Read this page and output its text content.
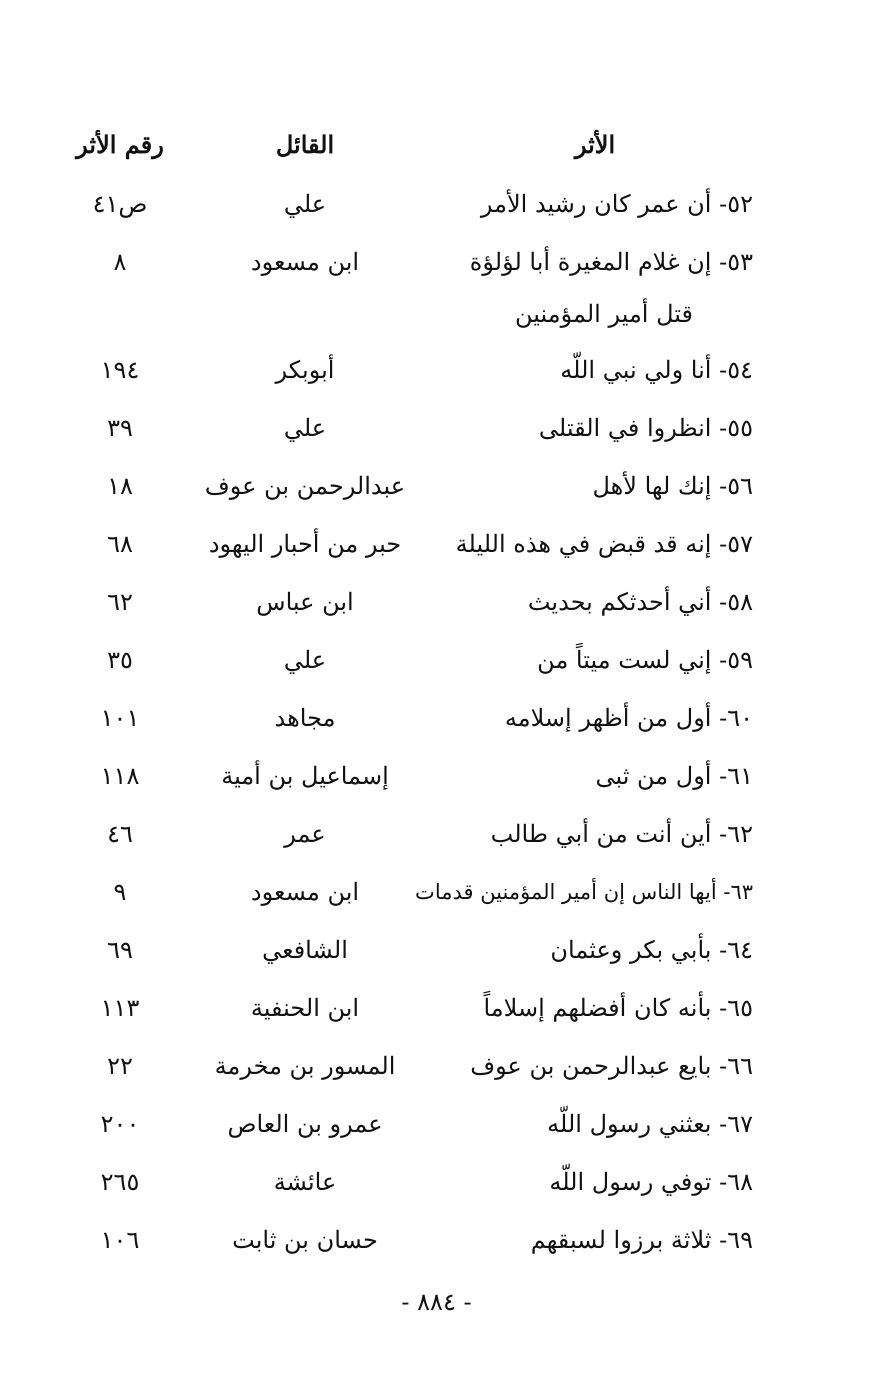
الأثر
القائل
رقم الأثر
٥٢- أن عمر كان رشيد الأمر
علي
ص٤١
٥٣- إن غلام المغيرة أبا لؤلؤة
قتل أمير المؤمنين
ابن مسعود
٨
٥٤- أنا ولي نبي اللّه
أبوبكر
١٩٤
٥٥- انظروا في القتلى
علي
٣٩
٥٦- إنك لها لأهل
عبدالرحمن بن عوف
١٨
٥٧- إنه قد قبض في هذه الليلة
حبر من أحبار اليهود
٦٨
٥٨- أني أحدثكم بحديث
ابن عباس
٦٢
٥٩- إني لست ميتاً من
علي
٣٥
٦٠- أول من أظهر إسلامه
مجاهد
١٠١
٦١- أول من ثبى
إسماعيل بن أمية
١١٨
٦٢- أين أنت من أبي طالب
عمر
٤٦
٦٣- أيها الناس إن أمير المؤمنين قدمات
ابن مسعود
٩
٦٤- بأبي بكر وعثمان
الشافعي
٦٩
٦٥- بأنه كان أفضلهم إسلاماً
ابن الحنفية
١١٣
٦٦- بايع عبدالرحمن بن عوف
المسور بن مخرمة
٢٢
٦٧- بعثني رسول اللّه
عمرو بن العاص
٢٠٠
٦٨- توفي رسول اللّه
عائشة
٢٦٥
٦٩- ثلاثة برزوا لسبقهم
حسان بن ثابت
١٠٦
- ٨٨٤ -
